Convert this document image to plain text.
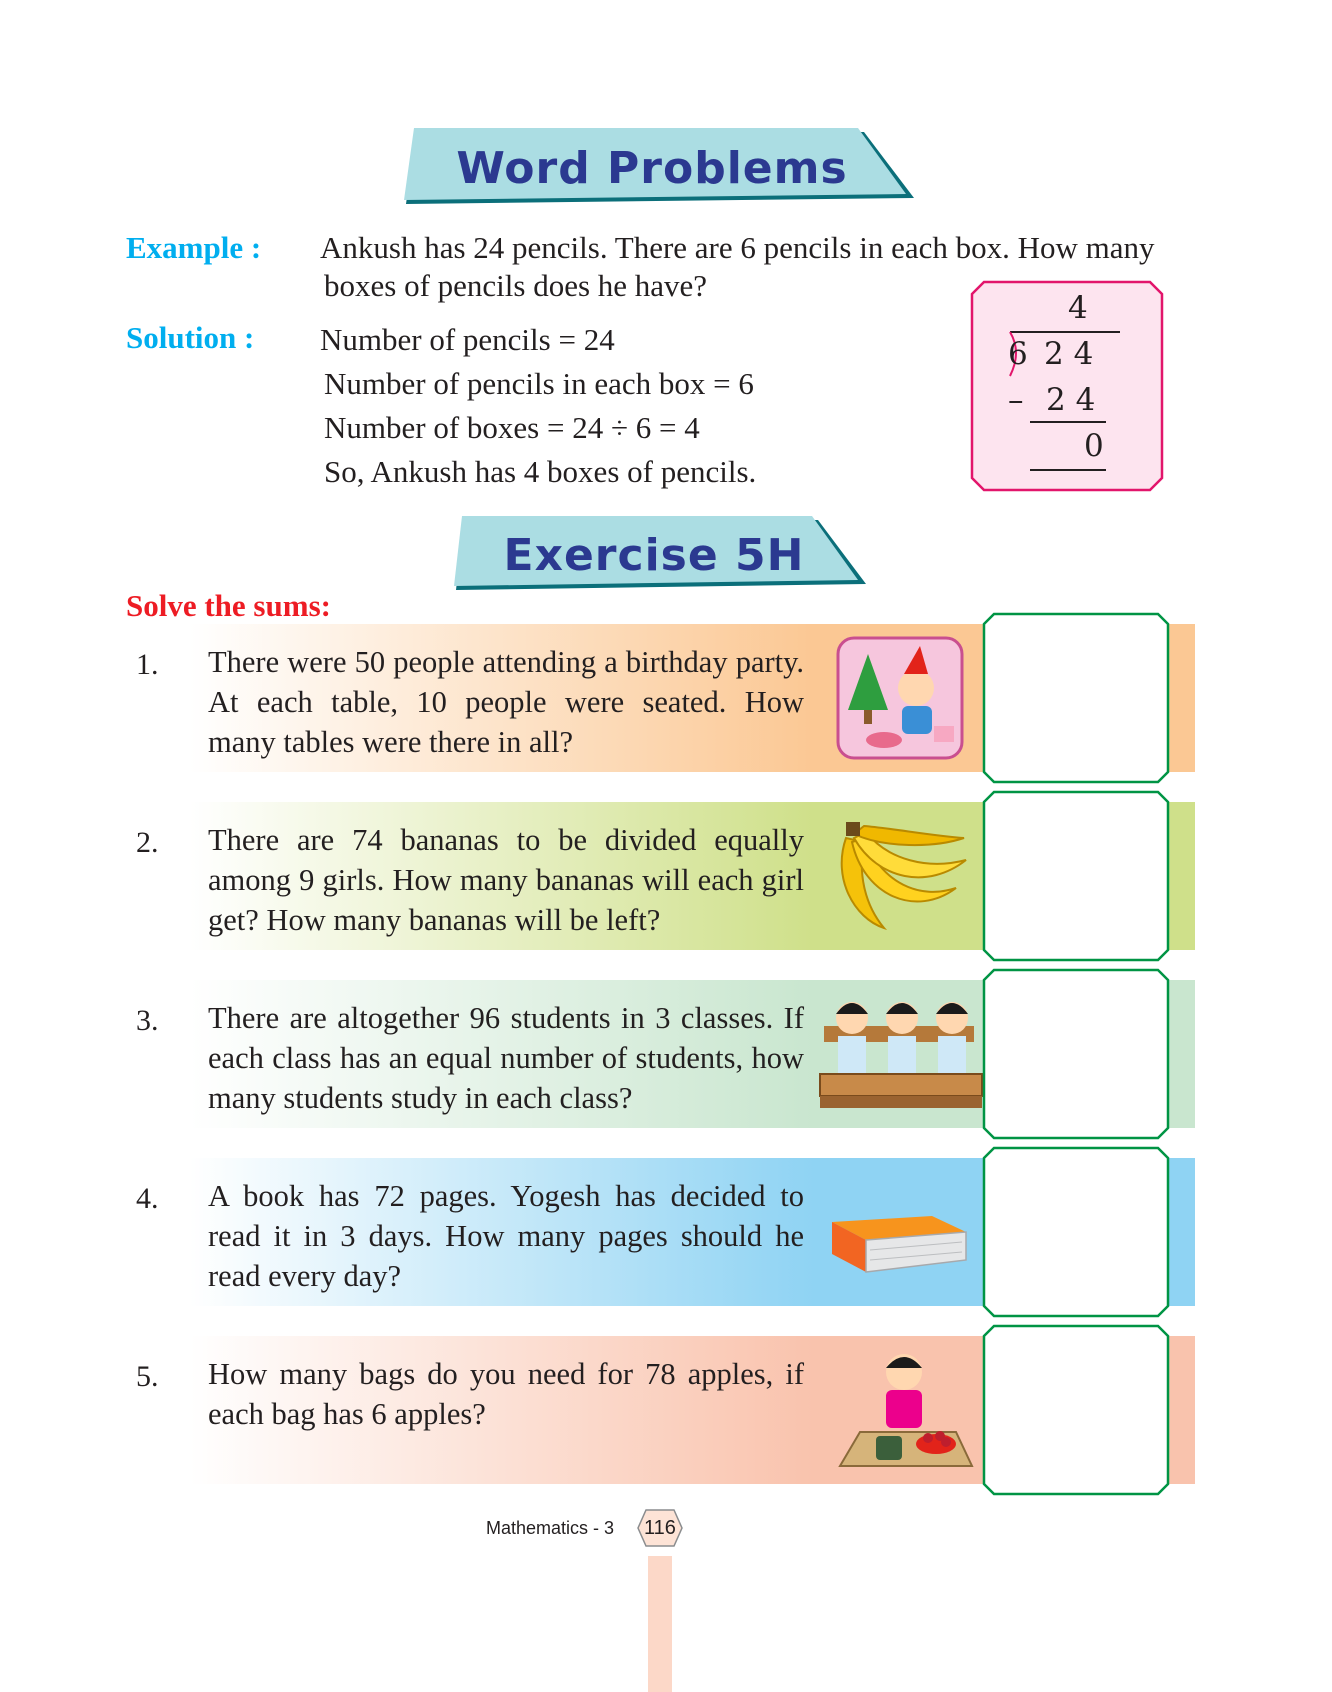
Word Problems
Example : Ankush has 24 pencils. There are 6 pencils in each box. How many
boxes of pencils does he have?
Solution : Number of pencils = 24
Number of pencils in each box = 6
Number of boxes = 24 ÷ 6 = 4
So, Ankush has 4 boxes of pencils.
4
6 2 4
– 2 4
0
Exercise 5H
Solve the sums:
1. There were 50 people attending a birthday party. At each table, 10 people were seated. How many tables were there in all?
2. There are 74 bananas to be divided equally among 9 girls. How many bananas will each girl get? How many bananas will be left?
3. There are altogether 96 students in 3 classes. If each class has an equal number of students, how many students study in each class?
4. A book has 72 pages. Yogesh has decided to read it in 3 days. How many pages should he read every day?
5. How many bags do you need for 78 apples, if each bag has 6 apples?
Mathematics - 3	116
